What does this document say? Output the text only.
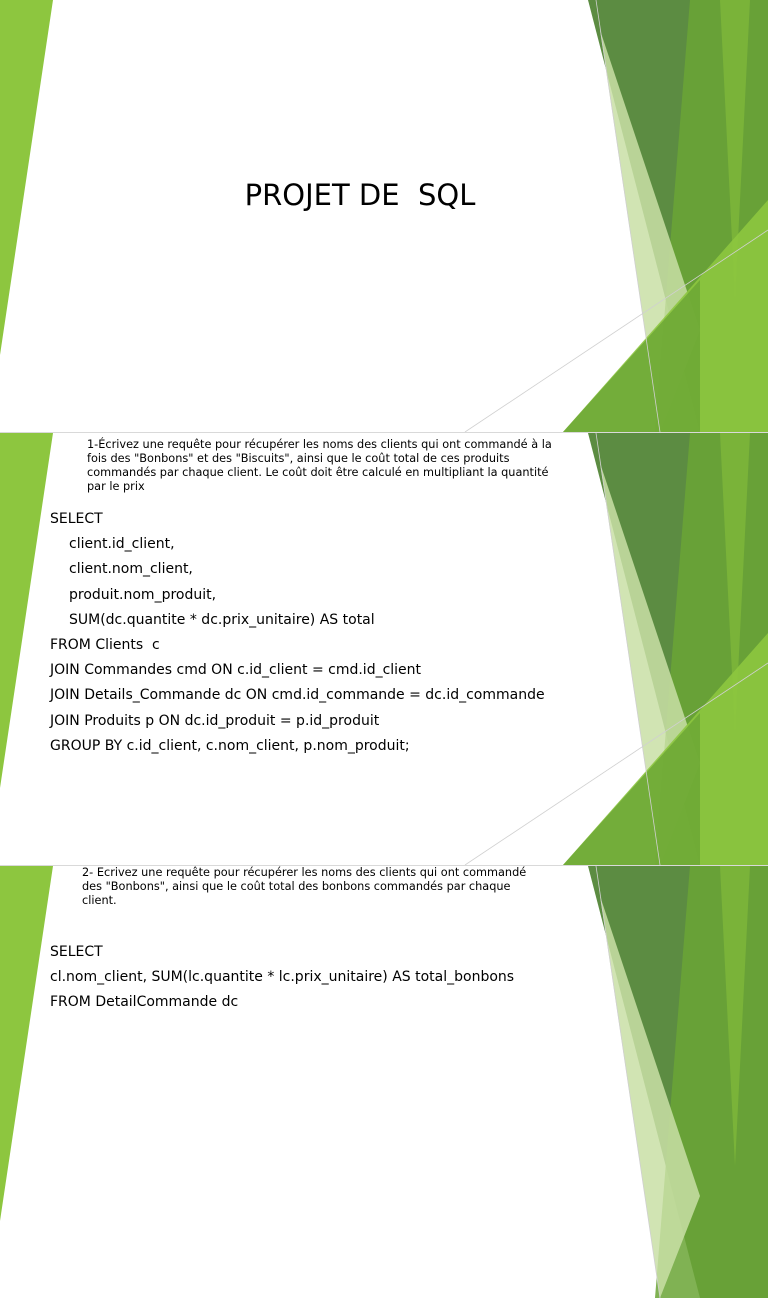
PROJET DE  SQL

1-Écrivez une requête pour récupérer les noms des clients qui ont commandé à la fois des "Bonbons" et des "Biscuits", ainsi que le coût total de ces produits commandés par chaque client. Le coût doit être calculé en multipliant la quantité par le prix

SELECT
client.id_client,
client.nom_client,
produit.nom_produit,
SUM(dc.quantite * dc.prix_unitaire) AS total
FROM Clients  c
JOIN Commandes cmd ON c.id_client = cmd.id_client
JOIN Details_Commande dc ON cmd.id_commande = dc.id_commande
JOIN Produits p ON dc.id_produit = p.id_produit
GROUP BY c.id_client, c.nom_client, p.nom_produit;

2- Ecrivez une requête pour récupérer les noms des clients qui ont commandé des "Bonbons", ainsi que le coût total des bonbons commandés par chaque client.

SELECT
cl.nom_client, SUM(lc.quantite * lc.prix_unitaire) AS total_bonbons
FROM DetailCommande dc
